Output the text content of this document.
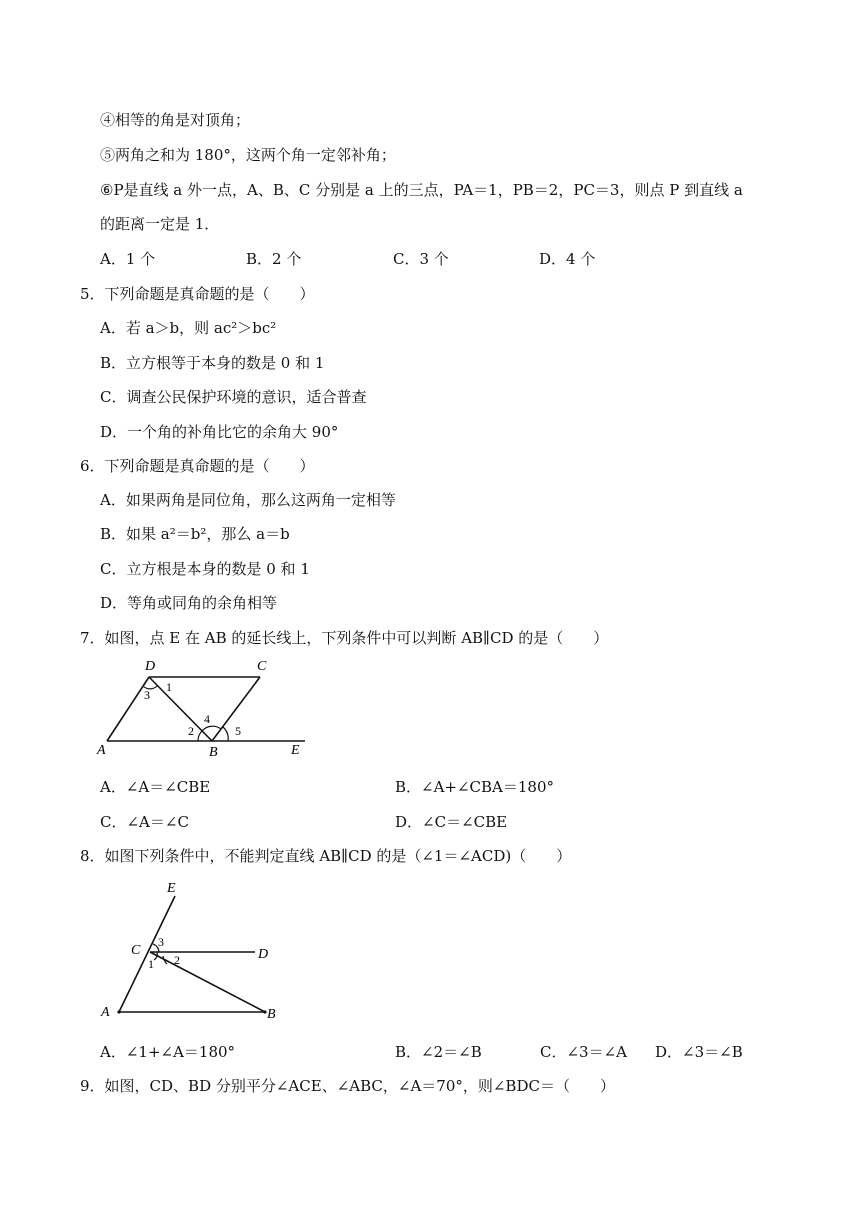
④相等的角是对顶角；
⑤两角之和为 180°，这两个角一定邻补角；
⑥P是直线 a 外一点，A、B、C 分别是 a 上的三点，PA＝1，PB＝2，PC＝3，则点 P 到直线 a
的距离一定是 1．
A．1 个	B．2 个	C．3 个	D．4 个
5．下列命题是真命题的是（　　）
A．若 a＞b，则 ac²＞bc²
B．立方根等于本身的数是 0 和 1
C．调查公民保护环境的意识，适合普查
D．一个角的补角比它的余角大 90°
6．下列命题是真命题的是（　　）
A．如果两角是同位角，那么这两角一定相等
B．如果 a²＝b²，那么 a＝b
C．立方根是本身的数是 0 和 1
D．等角或同角的余角相等
7．如图，点 E 在 AB 的延长线上，下列条件中可以判断 AB∥CD 的是（　　）
D	C
A	B	E
1
3
2
4
5
A．∠A＝∠CBE	B．∠A+∠CBA＝180°
C．∠A＝∠C	D．∠C＝∠CBE
8．如图下列条件中，不能判定直线 AB∥CD 的是（∠1＝∠ACD)（　　）
E
C	D
A	B
3
2
1
A．∠1+∠A＝180°	B．∠2＝∠B	C．∠3＝∠A D．∠3＝∠B
9．如图，CD、BD 分别平分∠ACE、∠ABC，∠A＝70°，则∠BDC＝（　　）
